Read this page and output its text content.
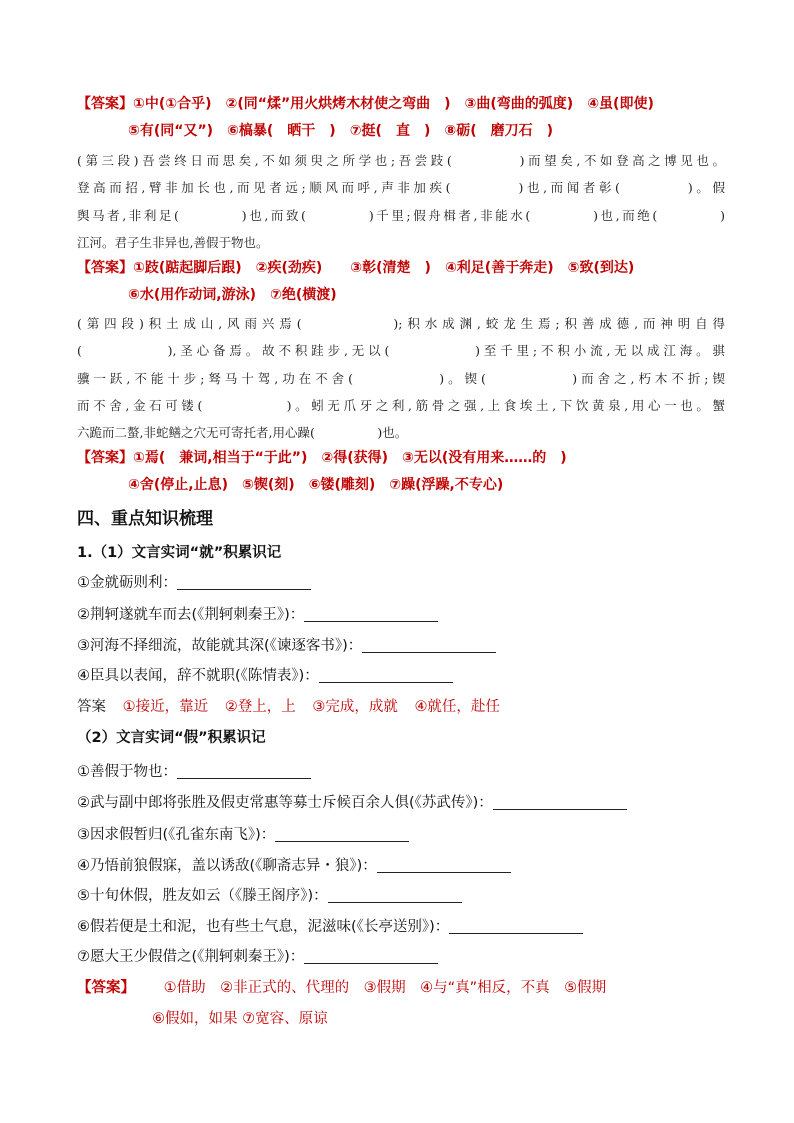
【答案】①中(①合乎)　②(同“煣”用火烘烤木材使之弯曲　)　③曲(弯曲的弧度)　④虽(即使)
⑤有(同“又”)　⑥槁暴(　晒干　)　⑦挺(　直　)　⑧砺(　磨刀石　)
(第三段)吾尝终日而思矣,不如须臾之所学也;吾尝跂(　　　　)而望矣,不如登高之博见也。
登高而招,臂非加长也,而见者远;顺风而呼,声非加疾(　　　　)也,而闻者彰(　　　　)。假
舆马者,非利足(　　　　)也,而致(　　　　)千里;假舟楫者,非能水(　　　　)也,而绝(　　　　)
江河。君子生非异也,善假于物也。
【答案】①跂(踮起脚后跟)　②疾(劲疾)　　③彰(清楚　)　④利足(善于奔走)　⑤致(到达)
⑥水(用作动词,游泳)　⑦绝(横渡)
(第四段)积土成山,风雨兴焉(　　　　　);积水成渊,蛟龙生焉;积善成德,而神明自得
(　　　　　),圣心备焉。故不积跬步,无以(　　　　　)至千里;不积小流,无以成江海。骐
骥一跃,不能十步;驽马十驾,功在不舍(　　　　　)。锲(　　　　　)而舍之,朽木不折;锲
而不舍,金石可镂(　　　　　)。蚓无爪牙之利,筋骨之强,上食埃土,下饮黄泉,用心一也。蟹
六跪而二螯,非蛇鳝之穴无可寄托者,用心躁(　　　　　)也。
【答案】①焉(　兼词,相当于“于此”)　②得(获得)　③无以(没有用来……的　)
④舍(停止,止息)　⑤锲(刻)　⑥镂(雕刻)　⑦躁(浮躁,不专心)
四、重点知识梳理
1.（1）文言实词“就”积累识记
①金就砺则利：
②荆轲遂就车而去(《荆轲刺秦王》)：
③河海不择细流，故能就其深(《谏逐客书》)：
④臣具以表闻，辞不就职(《陈情表》)：
答案 ①接近，靠近 ②登上，上 ③完成，成就 ④就任，赴任
（2）文言实词“假”积累识记
①善假于物也：
②武与副中郎将张胜及假吏常惠等募士斥候百余人俱(《苏武传》)：
③因求假暂归(《孔雀东南飞》)：
④乃悟前狼假寐，盖以诱敌(《聊斋志异・狼》)：
⑤十旬休假，胜友如云（《滕王阁序》)：
⑥假若便是土和泥，也有些土气息，泥滋味(《长亭送别》)：
⑦愿大王少假借之(《荆轲刺秦王》)：
【答案】 ①借助　②非正式的、代理的　③假期　④与“真”相反，不真　⑤假期
⑥假如，如果 ⑦宽容、原谅
